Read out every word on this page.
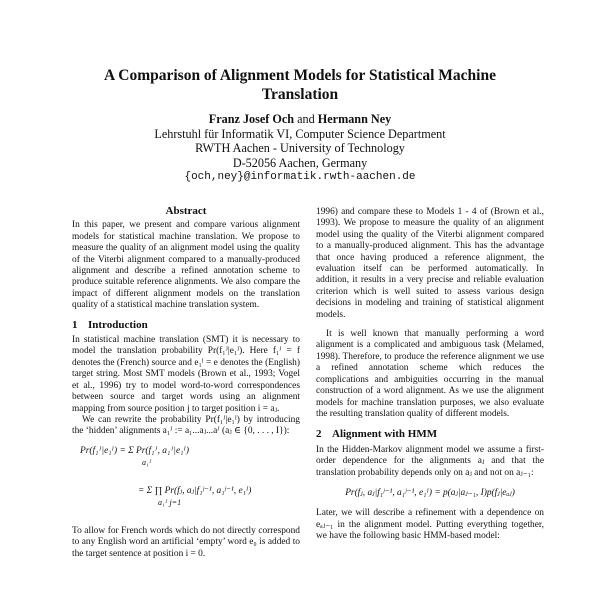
A Comparison of Alignment Models for Statistical Machine
Translation
Franz Josef Och and Hermann Ney
Lehrstuhl für Informatik VI, Computer Science Department
RWTH Aachen - University of Technology
D-52056 Aachen, Germany
{och,ney}@informatik.rwth-aachen.de
Abstract

In this paper, we present and compare various alignment models for statistical machine translation. We propose to measure the quality of an alignment model using the quality of the Viterbi alignment compared to a manually-produced alignment and describe a refined annotation scheme to produce suitable reference alignments. We also compare the impact of different alignment models on the translation quality of a statistical machine translation system.

1 Introduction

In statistical machine translation (SMT) it is necessary to model the translation probability Pr(f₁ᴶ|e₁ᴵ). Here f₁ᴶ = f denotes the (French) source and e₁ᴵ = e denotes the (English) target string. Most SMT models (Brown et al., 1993; Vogel et al., 1996) try to model word-to-word correspondences between source and target words using an alignment mapping from source position j to target position i = aⱼ.

We can rewrite the probability Pr(f₁ᴶ|e₁ᴵ) by introducing the ‘hidden’ alignments a₁ᴶ := a₁...aⱼ...aᴶ (aⱼ ∈ {0, . . . , I}):

Pr(f₁ᴶ|e₁ᴵ) = Σ Pr(f₁ᴶ, a₁ᴶ|e₁ᴵ)
a₁ᴶ
= Σ ∏ Pr(fⱼ, aⱼ|f₁ʲ⁻¹, a₁ʲ⁻¹, e₁ᴵ)
a₁ᴶ j=1

To allow for French words which do not directly correspond to any English word an artificial ‘empty’ word e₀ is added to the target sentence at position i = 0.

1996) and compare these to Models 1 - 4 of (Brown et al., 1993). We propose to measure the quality of an alignment model using the quality of the Viterbi alignment compared to a manually-produced alignment. This has the advantage that once having produced a reference alignment, the evaluation itself can be performed automatically. In addition, it results in a very precise and reliable evaluation criterion which is well suited to assess various design decisions in modeling and training of statistical alignment models.

It is well known that manually performing a word alignment is a complicated and ambiguous task (Melamed, 1998). Therefore, to produce the reference alignment we use a refined annotation scheme which reduces the complications and ambiguities occurring in the manual construction of a word alignment. As we use the alignment models for machine translation purposes, we also evaluate the resulting translation quality of different models.

2 Alignment with HMM

In the Hidden-Markov alignment model we assume a first-order dependence for the alignments aⱼ and that the translation probability depends only on aⱼ and not on aⱼ₋₁:

Pr(fⱼ, aⱼ|f₁ʲ⁻¹, a₁ʲ⁻¹, e₁ᴵ) = p(aⱼ|aⱼ₋₁, I)p(fⱼ|eₐⱼ)

Later, we will describe a refinement with a dependence on eₐⱼ₋₁ in the alignment model. Putting everything together, we have the following basic HMM-based model:
